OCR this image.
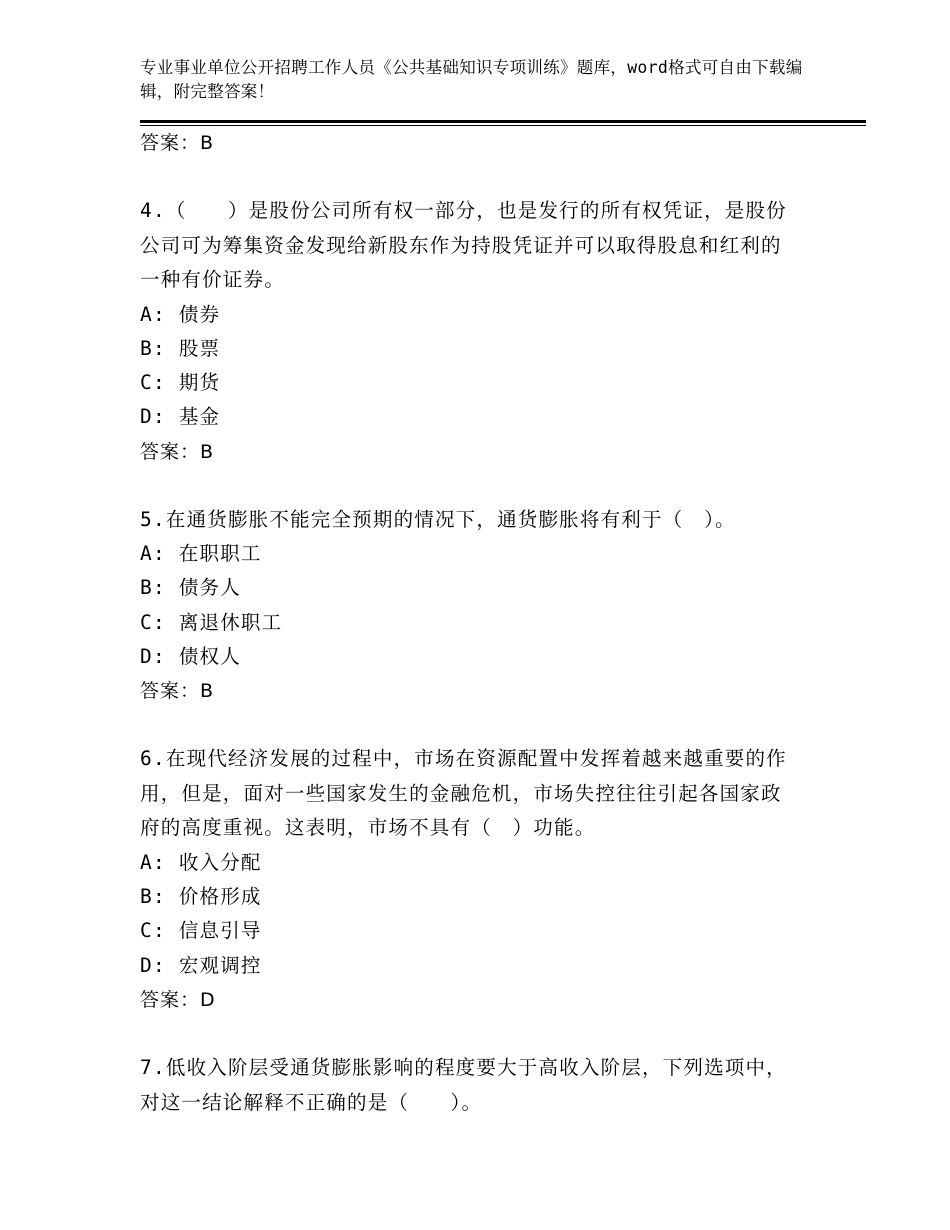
专业事业单位公开招聘工作人员《公共基础知识专项训练》题库，word格式可自由下载编辑，附完整答案！
答案：B
4.（　　）是股份公司所有权一部分，也是发行的所有权凭证，是股份公司可为筹集资金发现给新股东作为持股凭证并可以取得股息和红利的一种有价证券。
A: 债券
B: 股票
C: 期货
D: 基金
答案：B
5.在通货膨胀不能完全预期的情况下，通货膨胀将有利于（　）。
A: 在职职工
B: 债务人
C: 离退休职工
D: 债权人
答案：B
6.在现代经济发展的过程中，市场在资源配置中发挥着越来越重要的作用，但是，面对一些国家发生的金融危机，市场失控往往引起各国家政府的高度重视。这表明，市场不具有（　）功能。
A: 收入分配
B: 价格形成
C: 信息引导
D: 宏观调控
答案：D
7.低收入阶层受通货膨胀影响的程度要大于高收入阶层，下列选项中，对这一结论解释不正确的是（　　）。
